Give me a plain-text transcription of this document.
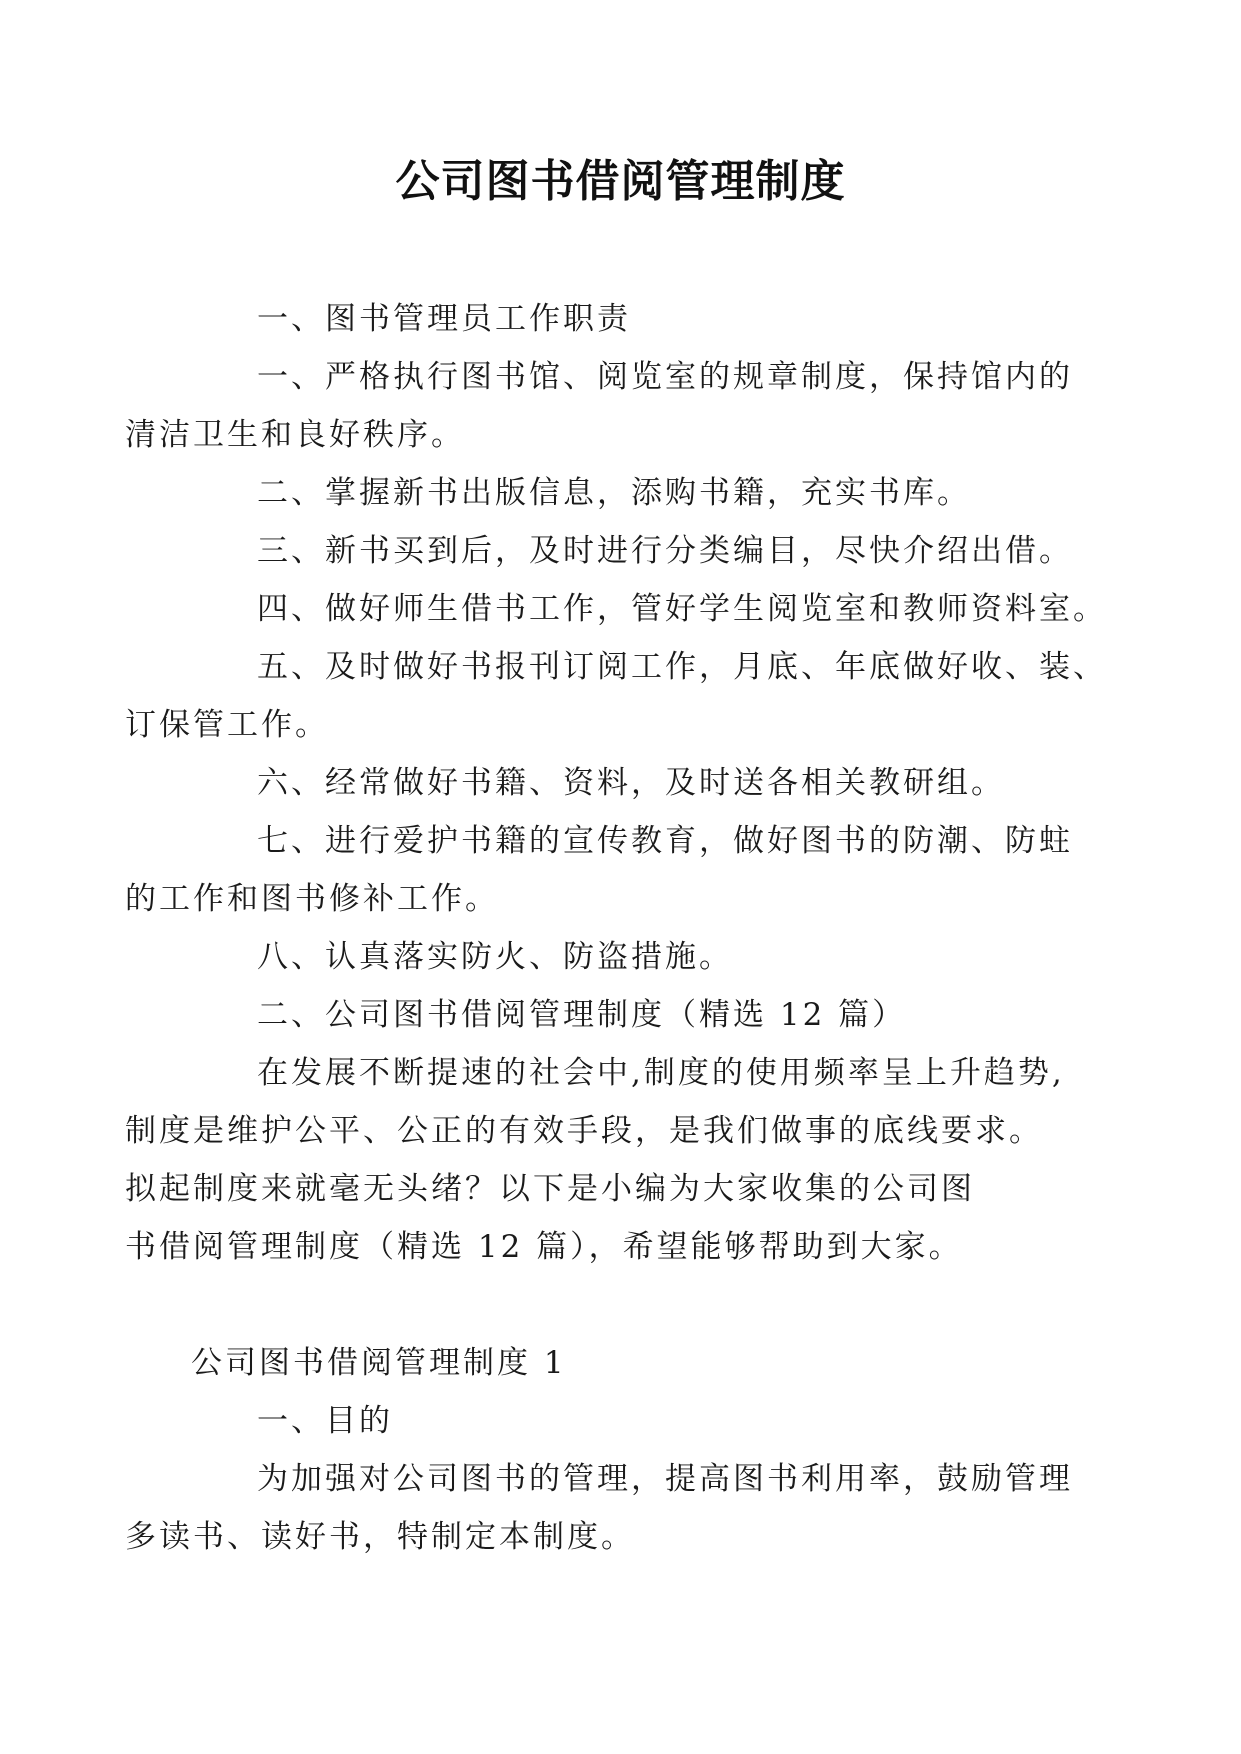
公司图书借阅管理制度

一、图书管理员工作职责

一、严格执行图书馆、阅览室的规章制度，保持馆内的
清洁卫生和良好秩序。

二、掌握新书出版信息，添购书籍，充实书库。

三、新书买到后，及时进行分类编目，尽快介绍出借。

四、做好师生借书工作，管好学生阅览室和教师资料室。

五、及时做好书报刊订阅工作，月底、年底做好收、装、
订保管工作。

六、经常做好书籍、资料，及时送各相关教研组。

七、进行爱护书籍的宣传教育，做好图书的防潮、防蛀
的工作和图书修补工作。

八、认真落实防火、防盗措施。

二、公司图书借阅管理制度（精选 12 篇）

在发展不断提速的社会中,制度的使用频率呈上升趋势,
制度是维护公平、公正的有效手段，是我们做事的底线要求。
拟起制度来就毫无头绪？以下是小编为大家收集的公司图
书借阅管理制度（精选 12 篇），希望能够帮助到大家。

公司图书借阅管理制度 1

一、目的

为加强对公司图书的管理，提高图书利用率，鼓励管理
多读书、读好书，特制定本制度。
